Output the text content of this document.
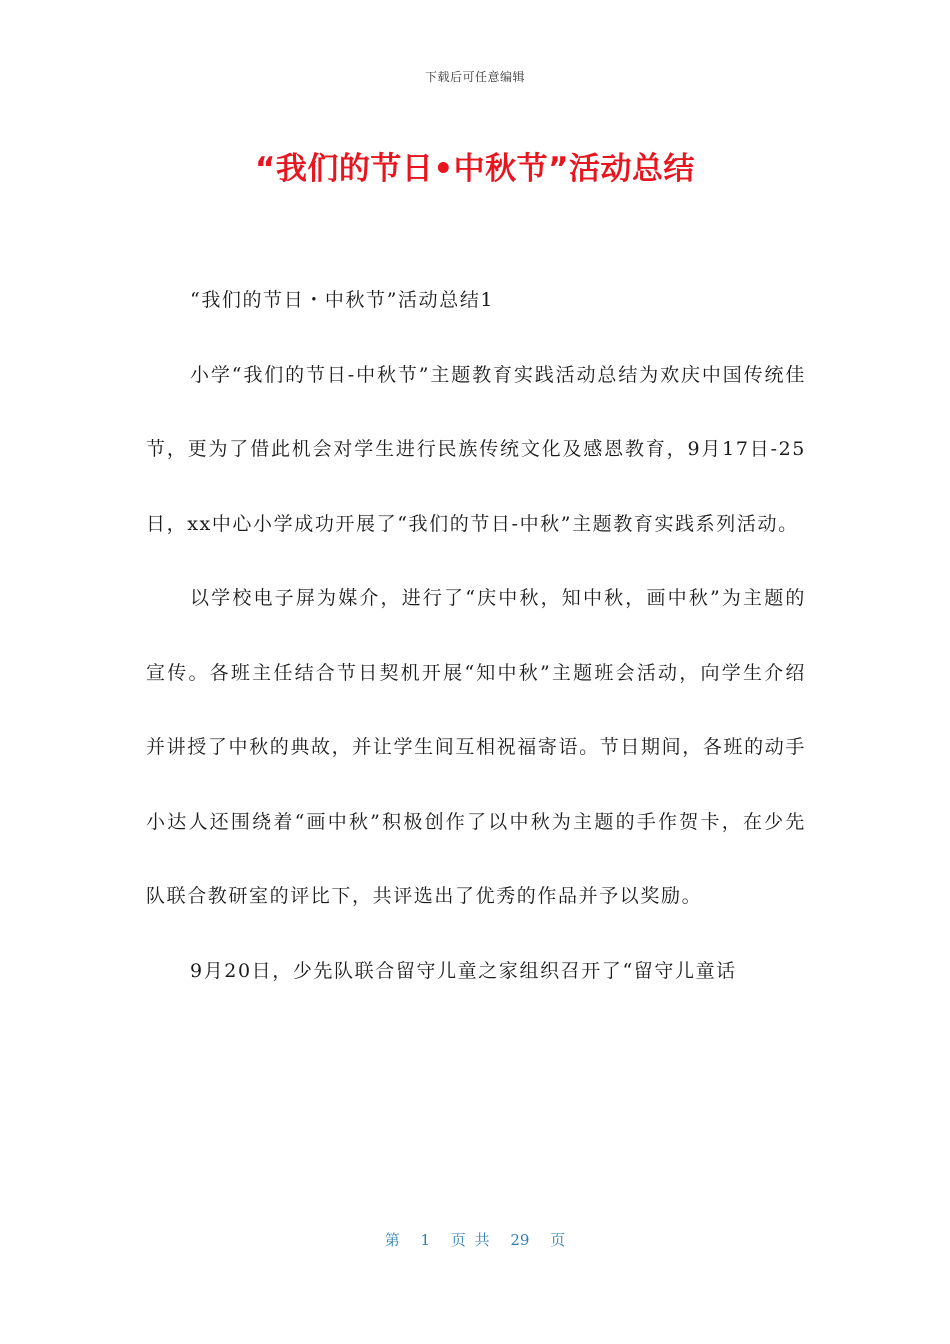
下载后可任意编辑
“我们的节日•中秋节”活动总结

“我们的节日・中秋节”活动总结1

小学“我们的节日-中秋节”主题教育实践活动总结为欢庆中国传统佳节，更为了借此机会对学生进行民族传统文化及感恩教育，9月17日-25日，xx中心小学成功开展了“我们的节日-中秋”主题教育实践系列活动。

以学校电子屏为媒介，进行了“庆中秋，知中秋，画中秋”为主题的宣传。各班主任结合节日契机开展“知中秋”主题班会活动，向学生介绍并讲授了中秋的典故，并让学生间互相祝福寄语。节日期间，各班的动手小达人还围绕着“画中秋”积极创作了以中秋为主题的手作贺卡，在少先队联合教研室的评比下，共评选出了优秀的作品并予以奖励。

9月20日，少先队联合留守儿童之家组织召开了“留守儿童话

第 1 页 共 29 页
